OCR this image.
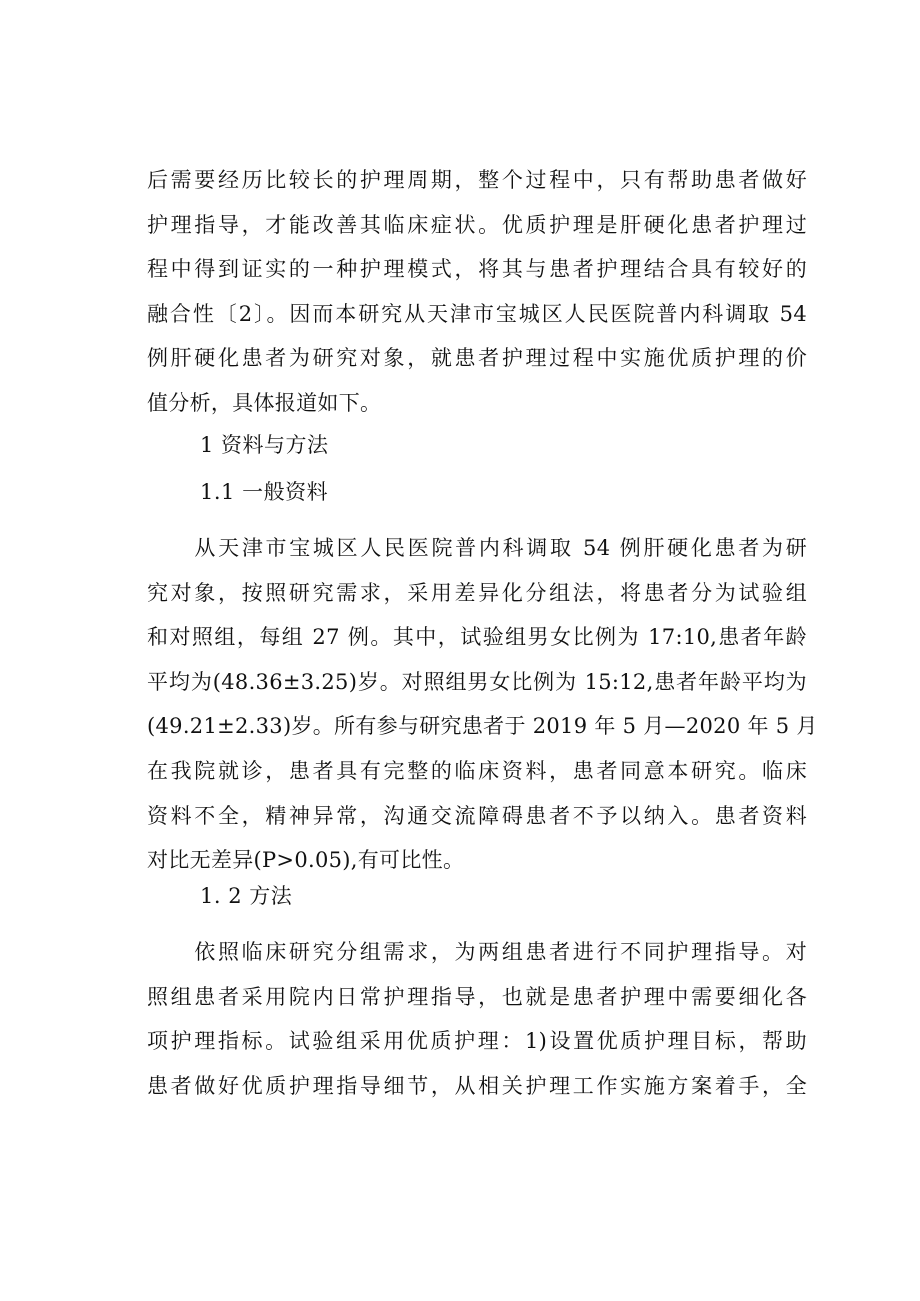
后需要经历比较长的护理周期，整个过程中，只有帮助患者做好
护理指导，才能改善其临床症状。优质护理是肝硬化患者护理过
程中得到证实的一种护理模式，将其与患者护理结合具有较好的
融合性〔2〕。因而本研究从天津市宝城区人民医院普内科调取 54
例肝硬化患者为研究对象，就患者护理过程中实施优质护理的价
值分析，具体报道如下。
1 资料与方法
1.1 一般资料
　　从天津市宝城区人民医院普内科调取 54 例肝硬化患者为研
究对象，按照研究需求，采用差异化分组法，将患者分为试验组
和对照组，每组 27 例。其中，试验组男女比例为 17:10,患者年龄
平均为(48.36±3.25)岁。对照组男女比例为 15:12,患者年龄平均为
(49.21±2.33)岁。所有参与研究患者于 2019 年 5 月—2020 年 5 月
在我院就诊，患者具有完整的临床资料，患者同意本研究。临床
资料不全，精神异常，沟通交流障碍患者不予以纳入。患者资料
对比无差异(P>0.05),有可比性。
1. 2 方法
　　依照临床研究分组需求，为两组患者进行不同护理指导。对
照组患者采用院内日常护理指导，也就是患者护理中需要细化各
项护理指标。试验组采用优质护理：1)设置优质护理目标，帮助
患者做好优质护理指导细节，从相关护理工作实施方案着手，全
